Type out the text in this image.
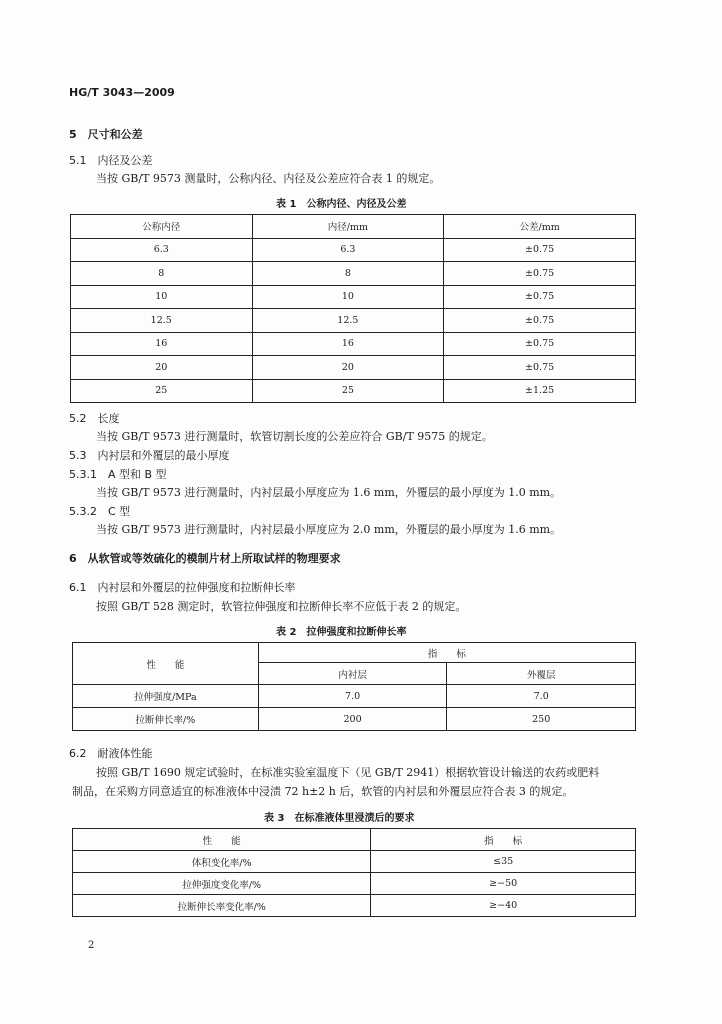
HG/T 3043—2009
5　尺寸和公差
5.1　内径及公差
当按 GB/T 9573 测量时，公称内径、内径及公差应符合表 1 的规定。
表 1　公称内径、内径及公差
公称内径	内径/mm	公差/mm
6.3	6.3	±0.75
8	8	±0.75
10	10	±0.75
12.5	12.5	±0.75
16	16	±0.75
20	20	±0.75
25	25	±1.25
5.2　长度
当按 GB/T 9573 进行测量时，软管切割长度的公差应符合 GB/T 9575 的规定。
5.3　内衬层和外覆层的最小厚度
5.3.1　A 型和 B 型
当按 GB/T 9573 进行测量时，内衬层最小厚度应为 1.6 mm，外覆层的最小厚度为 1.0 mm。
5.3.2　C 型
当按 GB/T 9573 进行测量时，内衬层最小厚度应为 2.0 mm，外覆层的最小厚度为 1.6 mm。
6　从软管或等效硫化的模制片材上所取试样的物理要求
6.1　内衬层和外覆层的拉伸强度和拉断伸长率
按照 GB/T 528 测定时，软管拉伸强度和拉断伸长率不应低于表 2 的规定。
表 2　拉伸强度和拉断伸长率
性　　能	指　　标	
	内衬层	外覆层
拉伸强度/MPa	7.0	7.0
拉断伸长率/%	200	250
6.2　耐液体性能
按照 GB/T 1690 规定试验时，在标准实验室温度下（见 GB/T 2941）根据软管设计输送的农药或肥料
制品，在采购方同意适宜的标准液体中浸渍 72 h±2 h 后，软管的内衬层和外覆层应符合表 3 的规定。
表 3　在标准液体里浸渍后的要求
性　　能	指　　标
体积变化率/%	≤35
拉伸强度变化率/%	≥−50
拉断伸长率变化率/%	≥−40
2
